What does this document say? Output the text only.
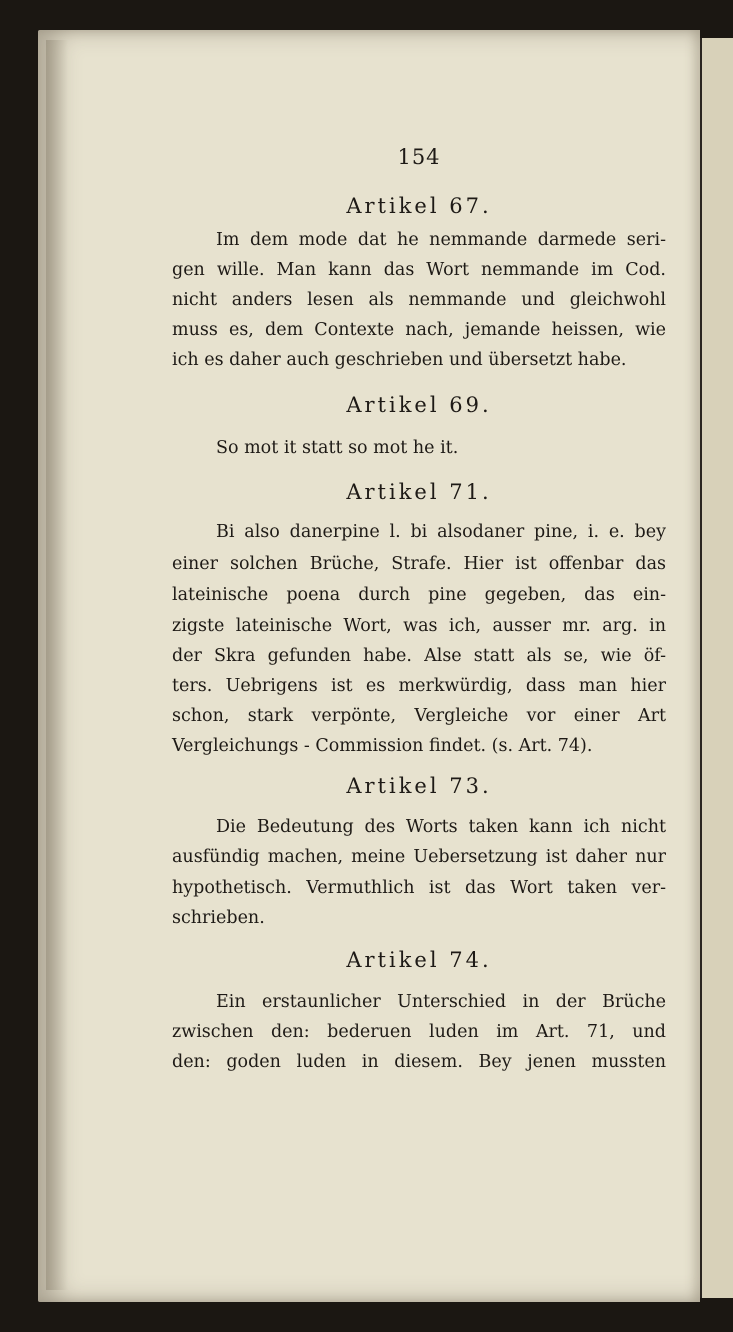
154
Artikel 67.
Im dem mode dat he nemmande darmede seri-
gen wille. Man kann das Wort nemmande im Cod.
nicht anders lesen als nemmande und gleichwohl
muss es, dem Contexte nach, jemande heissen, wie
ich es daher auch geschrieben und übersetzt habe.
Artikel 69.
So mot it statt so mot he it.
Artikel 71.
Bi also danerpine l. bi alsodaner pine, i. e. bey
einer solchen Brüche, Strafe. Hier ist offenbar das
lateinische poena durch pine gegeben, das ein-
zigste lateinische Wort, was ich, ausser mr. arg. in
der Skra gefunden habe. Alse statt als se, wie öf-
ters. Uebrigens ist es merkwürdig, dass man hier
schon, stark verpönte, Vergleiche vor einer Art
Vergleichungs - Commission findet. (s. Art. 74).
Artikel 73.
Die Bedeutung des Worts taken kann ich nicht
ausfündig machen, meine Uebersetzung ist daher nur
hypothetisch. Vermuthlich ist das Wort taken ver-
schrieben.
Artikel 74.
Ein erstaunlicher Unterschied in der Brüche
zwischen den: bederuen luden im Art. 71, und
den: goden luden in diesem. Bey jenen mussten
